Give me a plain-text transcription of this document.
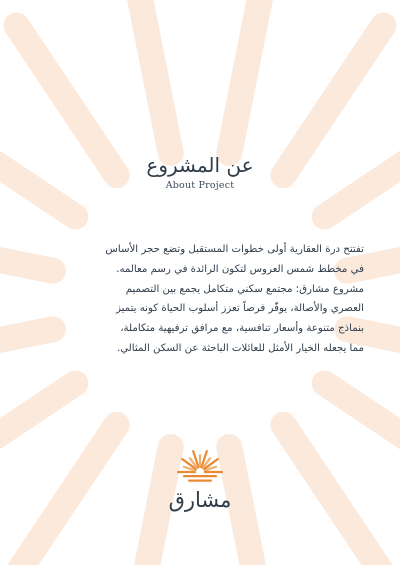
عن المشروع
About Project
تفتتح درة العقارية أولى خطوات المستقبل وتضع حجر الأساس
في مخطط شمس العروس لتكون الرائدة في رسم معالمه.
مشروع مشارق: مجتمع سكني متكامل يجمع بين التصميم
العصري والأصالة، يوفّر فرصاً تعزز أسلوب الحياة كونه يتميز
بنماذج متنوعة وأسعار تنافسية، مع مرافق ترفيهية متكاملة،
مما يجعله الخيار الأمثل للعائلات الباحثة عن السكن المثالي.
مشارق
